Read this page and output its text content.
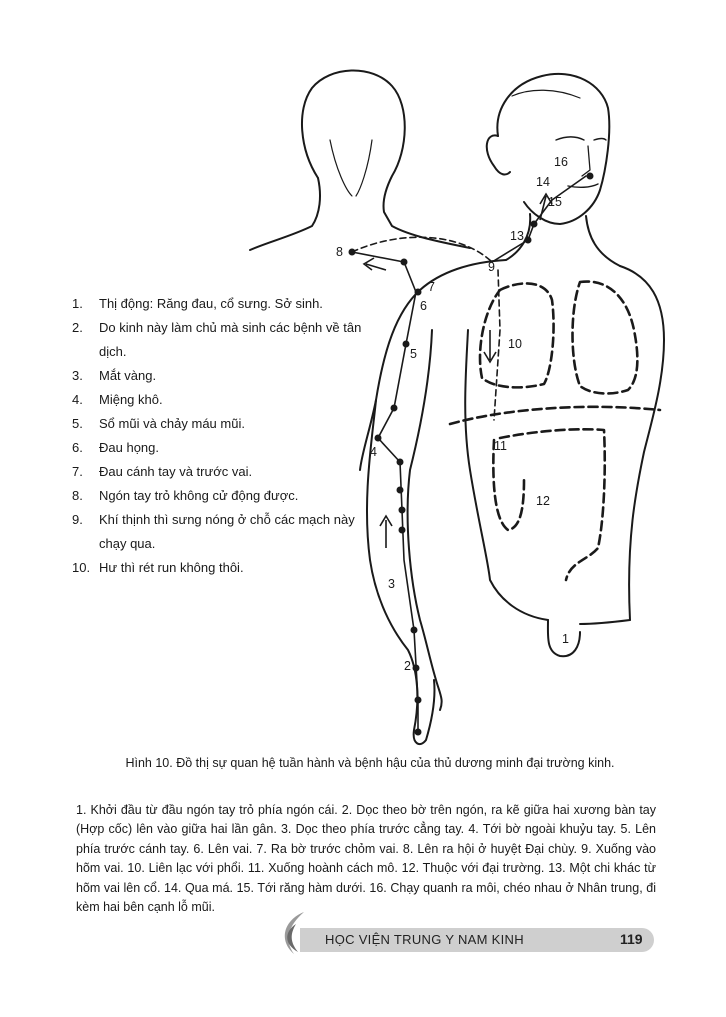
1
2
3
4
5
6
7
8
9
10
11
12
13
14
15
16
1. Thị động: Răng đau, cổ sưng. Sở sinh.
2. Do kinh này làm chủ mà sinh các bệnh về tân dịch.
3. Mắt vàng.
4. Miệng khô.
5. Sổ mũi và chảy máu mũi.
6. Đau họng.
7. Đau cánh tay và trước vai.
8. Ngón tay trỏ không cử động được.
9. Khí thịnh thì sưng nóng ở chỗ các mạch này chạy qua.
10. Hư thì rét run không thôi.
Hình 10. Đồ thị sự quan hệ tuần hành và bệnh hậu của thủ dương minh đại trường kinh.

1. Khởi đầu từ đầu ngón tay trỏ phía ngón cái. 2. Dọc theo bờ trên ngón, ra kẽ giữa hai xương bàn tay (Hợp cốc) lên vào giữa hai lần gân. 3. Dọc theo phía trước cẳng tay. 4. Tới bờ ngoài khuỷu tay. 5. Lên phía trước cánh tay. 6. Lên vai. 7. Ra bờ trước chỏm vai. 8. Lên ra hội ở huyệt Đại chùy. 9. Xuống vào hõm vai. 10. Liên lạc với phổi. 11. Xuống hoành cách mô. 12. Thuộc với đại trường. 13. Một chi khác từ hõm vai lên cổ. 14. Qua má. 15. Tới răng hàm dưới. 16. Chạy quanh ra môi, chéo nhau ở Nhân trung, đi kèm hai bên cạnh lỗ mũi.

HỌC VIỆN TRUNG Y NAM KINH	119
